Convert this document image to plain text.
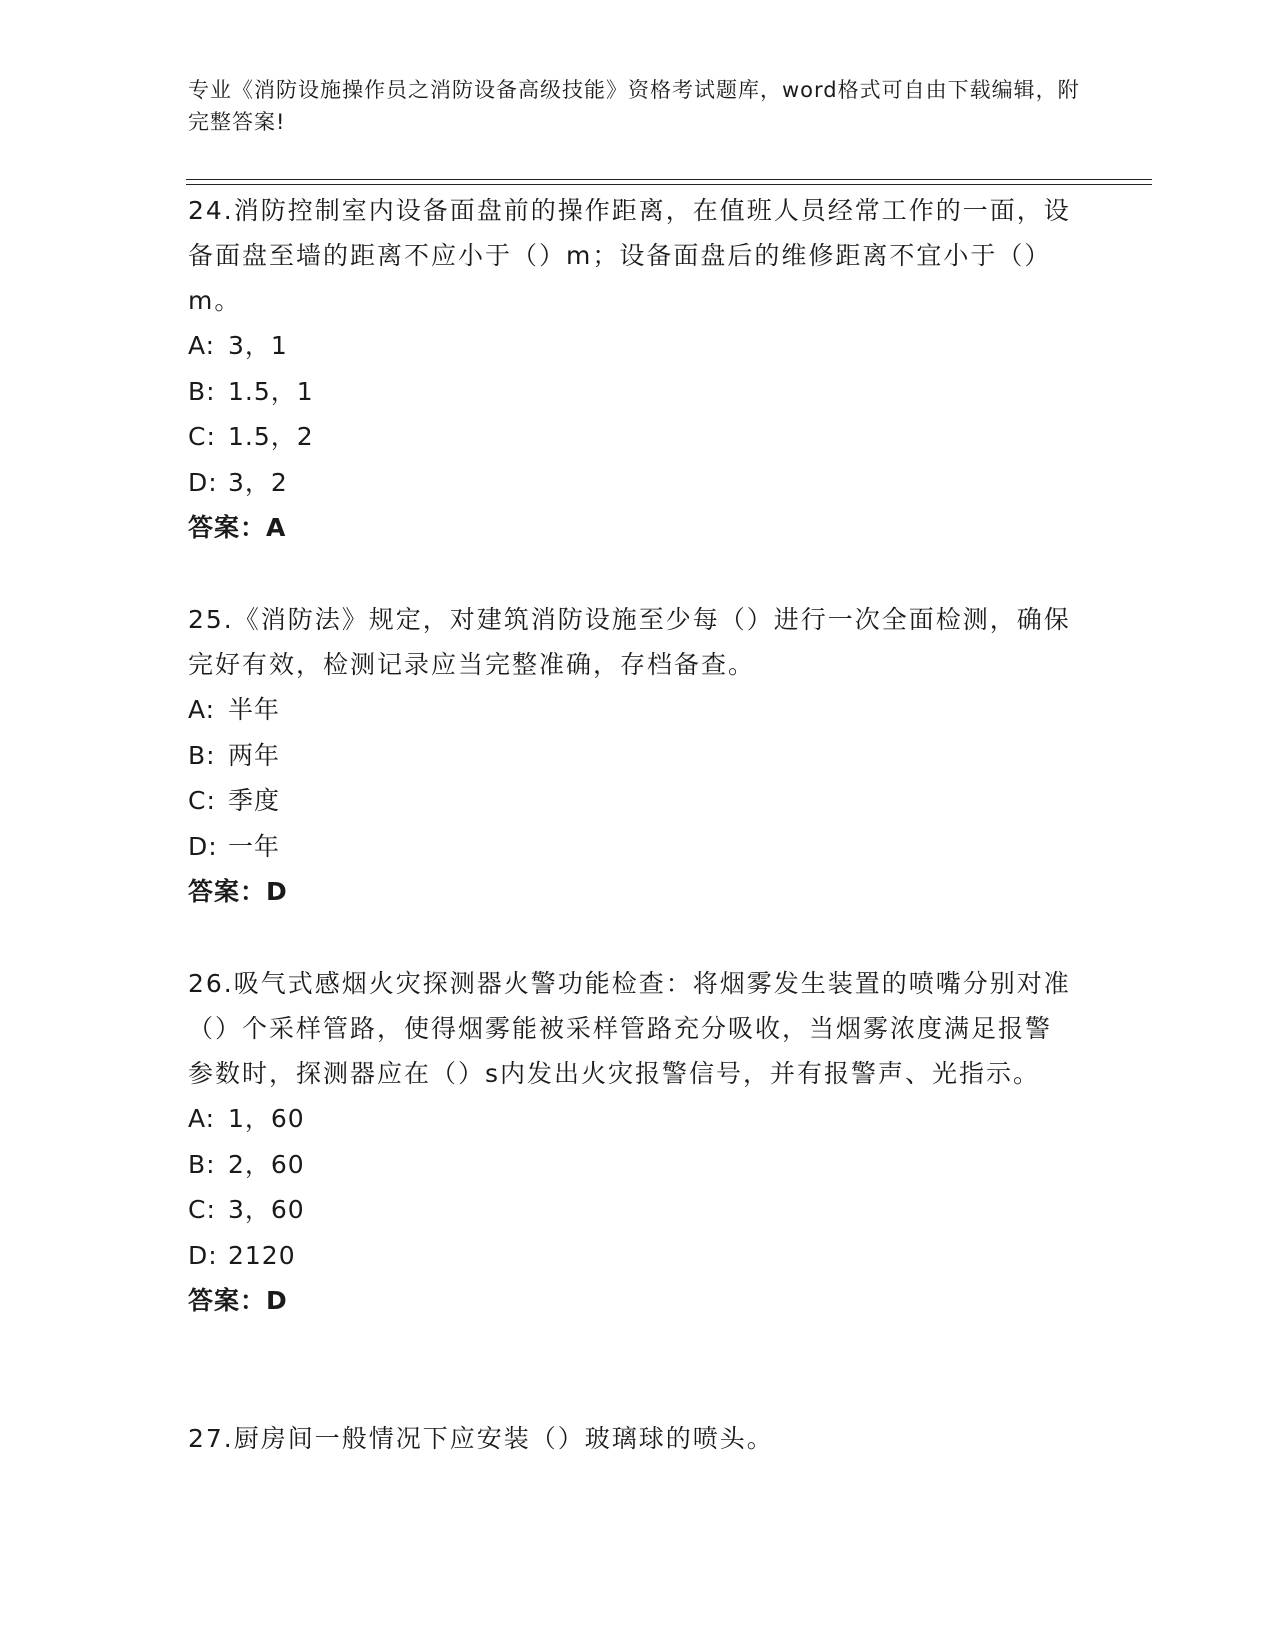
专业《消防设施操作员之消防设备高级技能》资格考试题库，word格式可自由下载编辑，附完整答案!
24.消防控制室内设备面盘前的操作距离，在值班人员经常工作的一面，设备面盘至墙的距离不应小于（）m；设备面盘后的维修距离不宜小于（）m。
A: 3，1
B: 1.5，1
C: 1.5，2
D: 3，2
答案：A
25.《消防法》规定，对建筑消防设施至少每（）进行一次全面检测，确保完好有效，检测记录应当完整准确，存档备查。
A: 半年
B: 两年
C: 季度
D: 一年
答案：D
26.吸气式感烟火灾探测器火警功能检查：将烟雾发生装置的喷嘴分别对准（）个采样管路，使得烟雾能被采样管路充分吸收，当烟雾浓度满足报警参数时，探测器应在（）s内发出火灾报警信号，并有报警声、光指示。
A: 1，60
B: 2，60
C: 3，60
D: 2120
答案：D
27.厨房间一般情况下应安装（）玻璃球的喷头。
